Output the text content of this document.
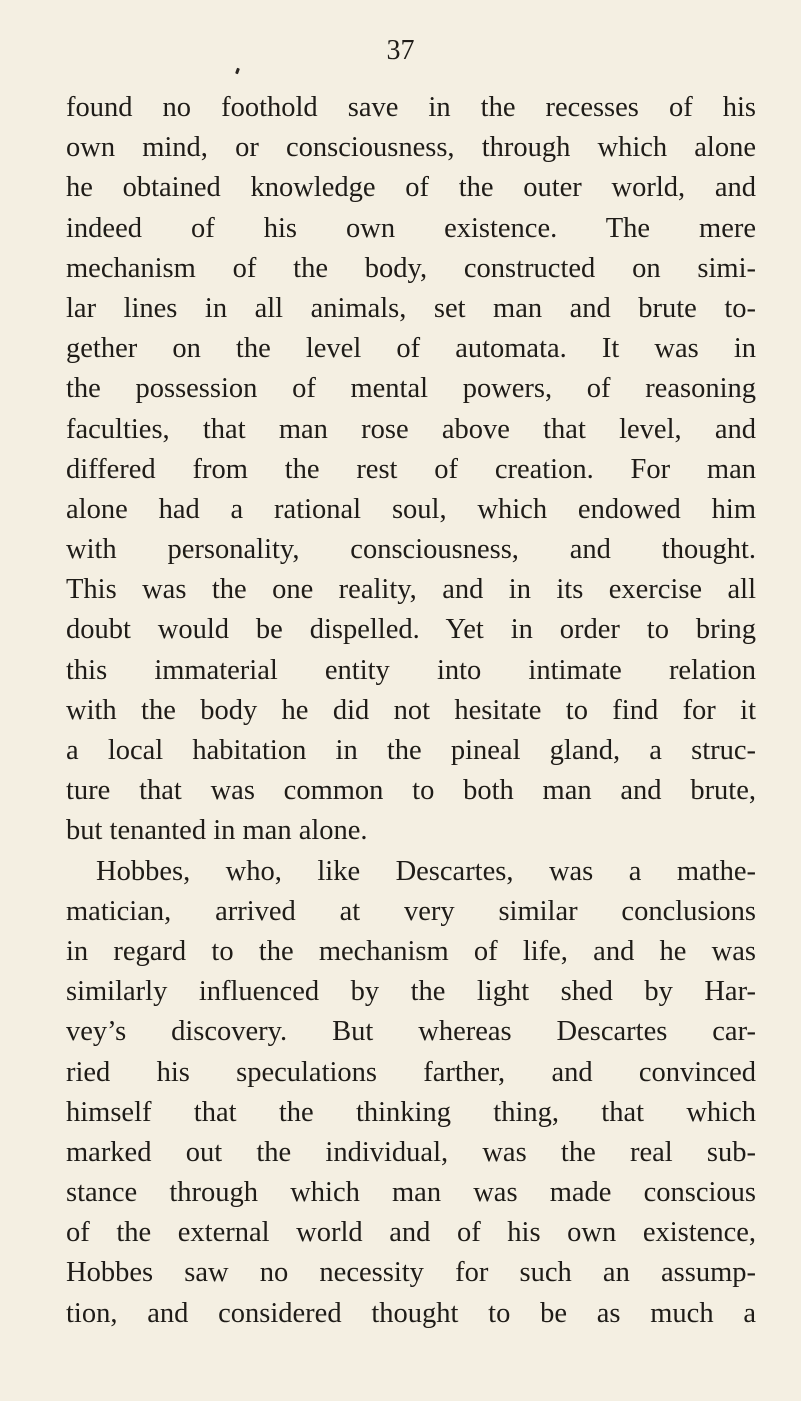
37
found no foothold save in the recesses of his
own mind, or consciousness, through which alone
he obtained knowledge of the outer world, and
indeed of his own existence. The mere
mechanism of the body, constructed on simi-
lar lines in all animals, set man and brute to-
gether on the level of automata. It was in
the possession of mental powers, of reasoning
faculties, that man rose above that level, and
differed from the rest of creation. For man
alone had a rational soul, which endowed him
with personality, consciousness, and thought.
This was the one reality, and in its exercise all
doubt would be dispelled. Yet in order to bring
this immaterial entity into intimate relation
with the body he did not hesitate to find for it
a local habitation in the pineal gland, a struc-
ture that was common to both man and brute,
but tenanted in man alone.
Hobbes, who, like Descartes, was a mathe-
matician, arrived at very similar conclusions
in regard to the mechanism of life, and he was
similarly influenced by the light shed by Har-
vey’s discovery. But whereas Descartes car-
ried his speculations farther, and convinced
himself that the thinking thing, that which
marked out the individual, was the real sub-
stance through which man was made conscious
of the external world and of his own existence,
Hobbes saw no necessity for such an assump-
tion, and considered thought to be as much a
